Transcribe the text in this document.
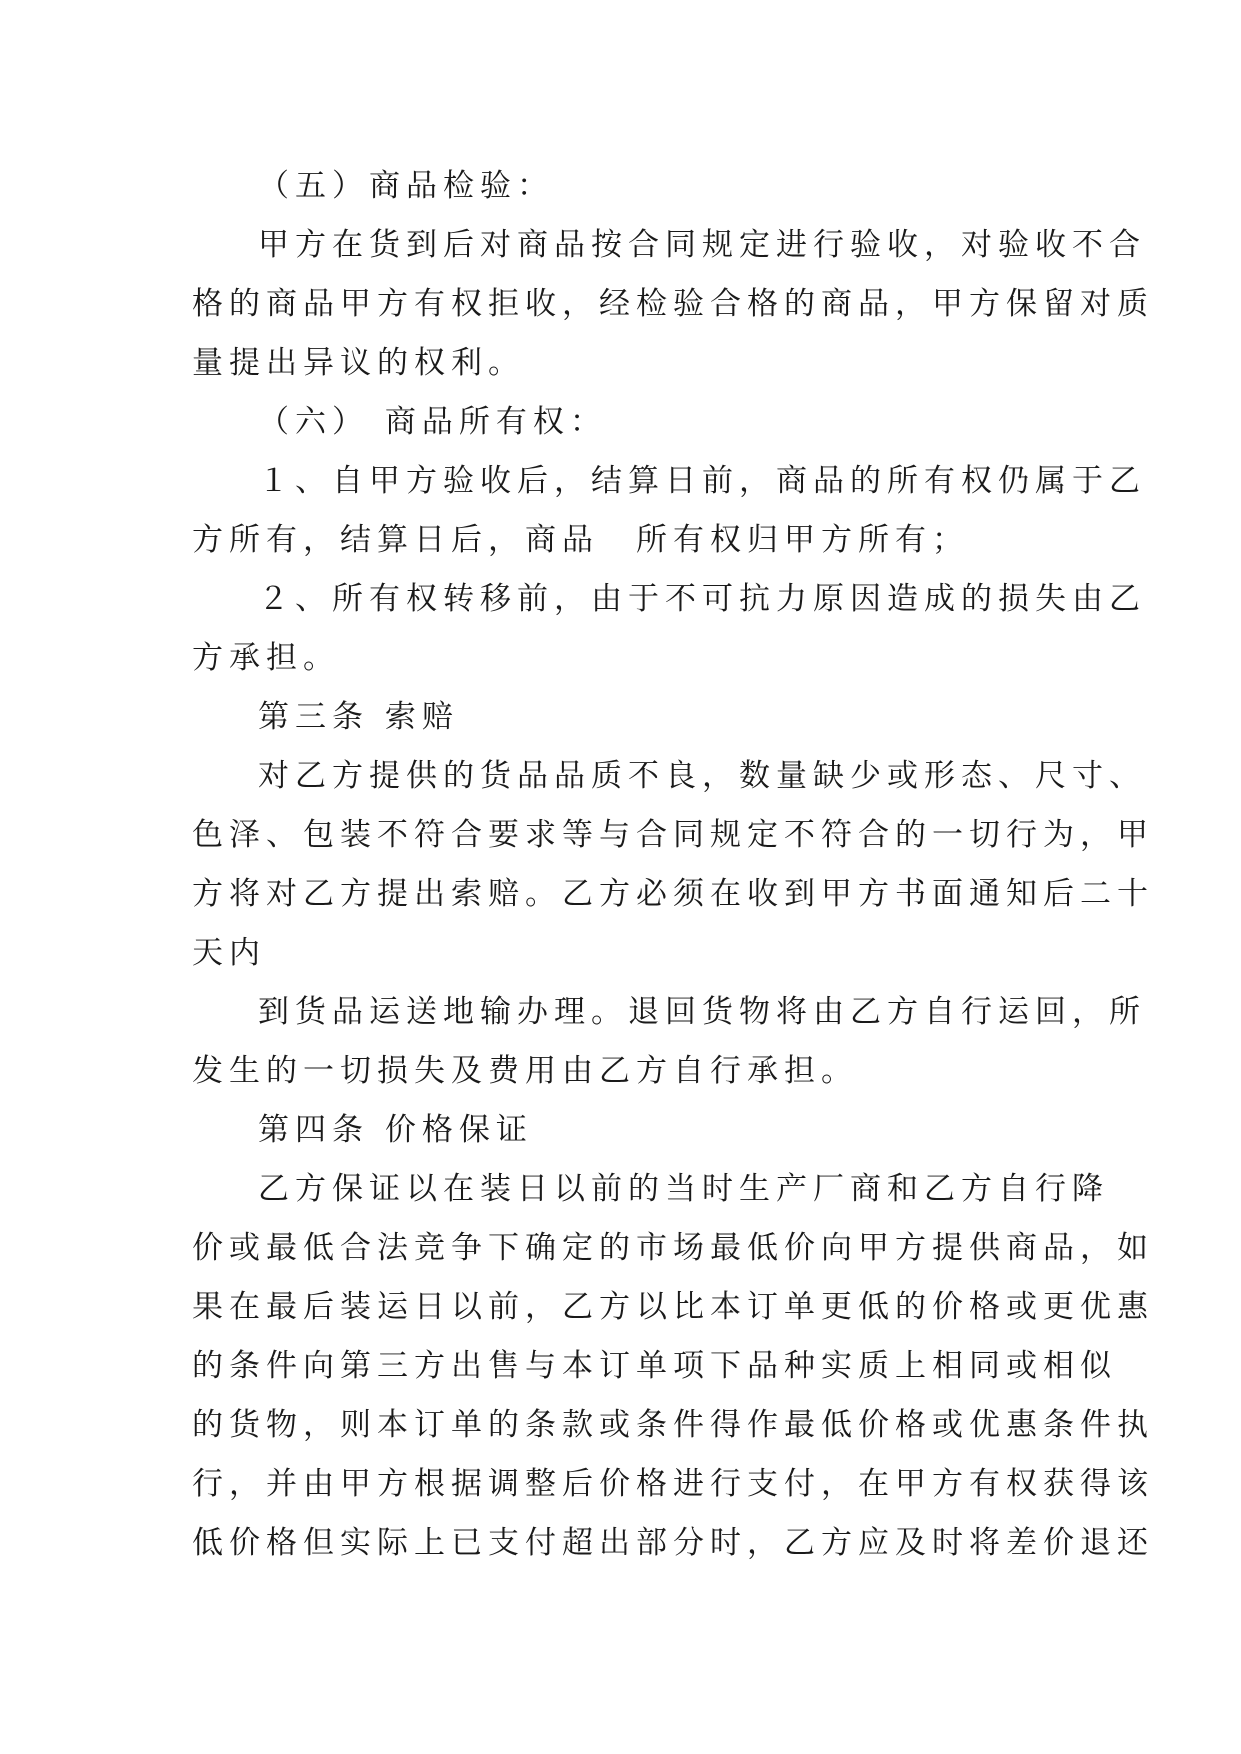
（五）商品检验：
甲方在货到后对商品按合同规定进行验收，对验收不合
格的商品甲方有权拒收，经检验合格的商品，甲方保留对质
量提出异议的权利。
（六） 商品所有权：
１、自甲方验收后，结算日前，商品的所有权仍属于乙
方所有，结算日后，商品　所有权归甲方所有；
２、所有权转移前，由于不可抗力原因造成的损失由乙
方承担。
第三条 索赔
对乙方提供的货品品质不良，数量缺少或形态、尺寸、
色泽、包装不符合要求等与合同规定不符合的一切行为，甲
方将对乙方提出索赔。乙方必须在收到甲方书面通知后二十
天内
到货品运送地输办理。退回货物将由乙方自行运回，所
发生的一切损失及费用由乙方自行承担。
第四条 价格保证
乙方保证以在装日以前的当时生产厂商和乙方自行降
价或最低合法竞争下确定的市场最低价向甲方提供商品，如
果在最后装运日以前，乙方以比本订单更低的价格或更优惠
的条件向第三方出售与本订单项下品种实质上相同或相似
的货物，则本订单的条款或条件得作最低价格或优惠条件执
行，并由甲方根据调整后价格进行支付，在甲方有权获得该
低价格但实际上已支付超出部分时，乙方应及时将差价退还
